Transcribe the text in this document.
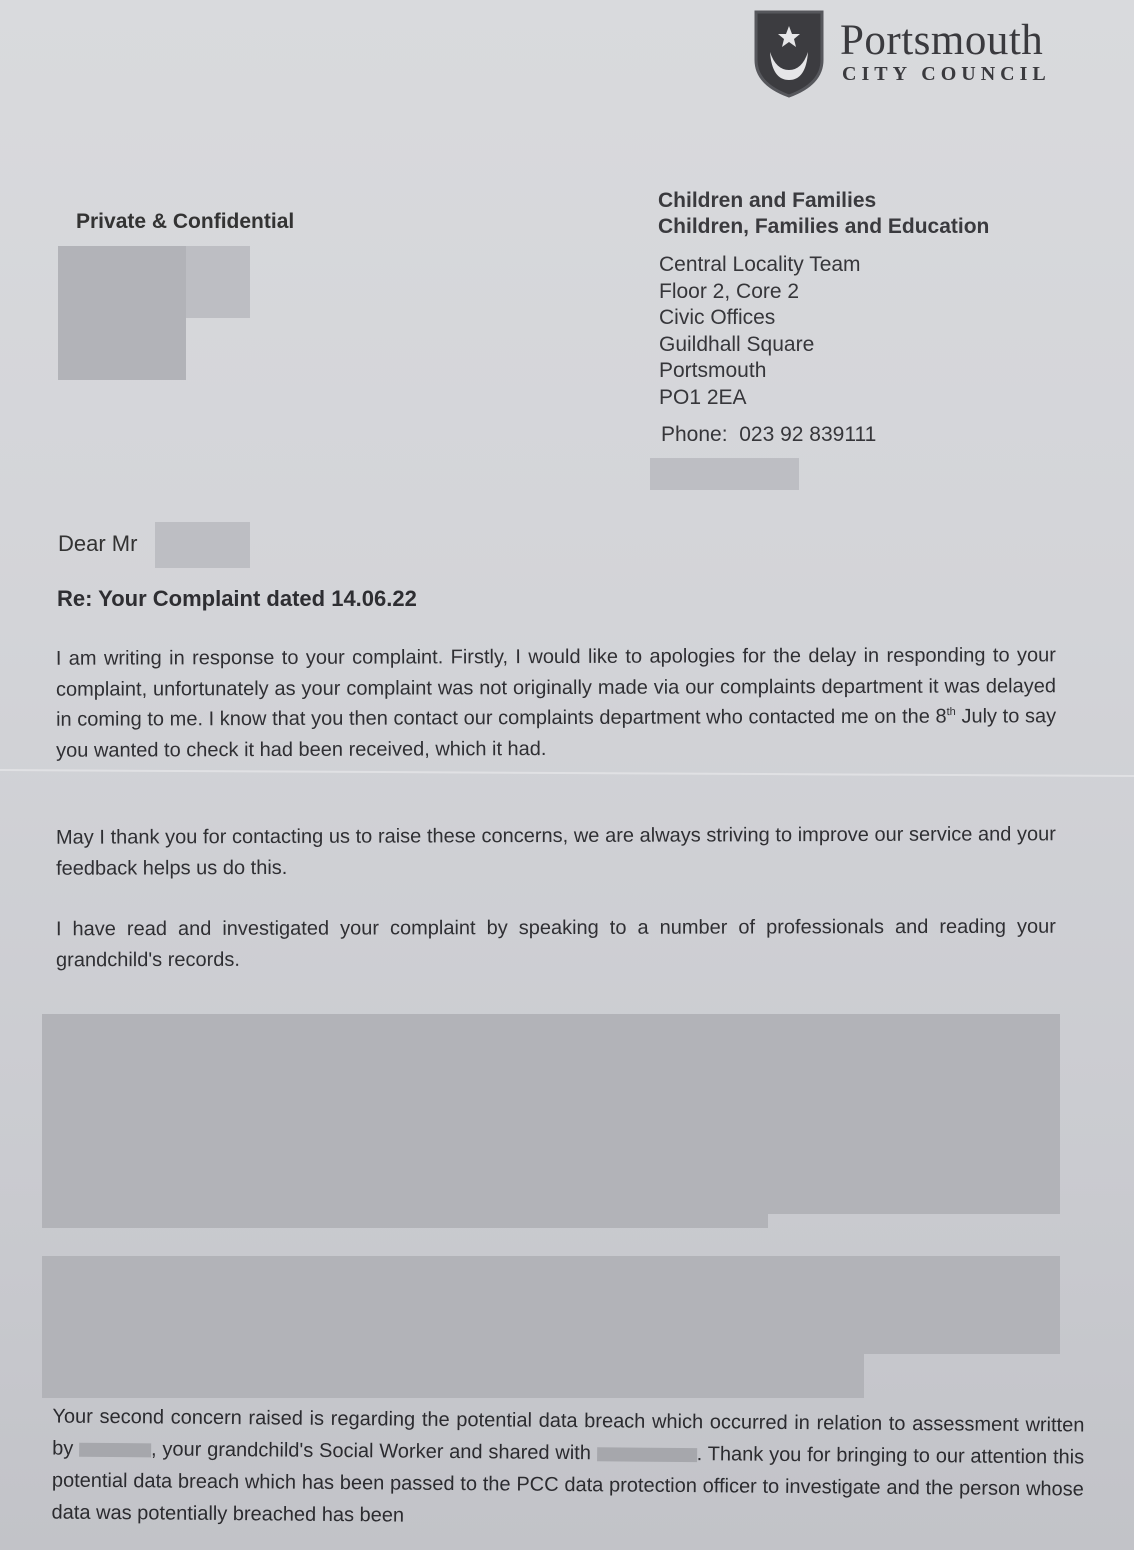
Portsmouth
CITY COUNCIL
Private & Confidential
Children and Families
Children, Families and Education
Central Locality Team
Floor 2, Core 2
Civic Offices
Guildhall Square
Portsmouth
PO1 2EA
Phone: 023 92 839111
Dear Mr
Re: Your Complaint dated 14.06.22
I am writing in response to your complaint. Firstly, I would like to apologies for the delay in responding to your complaint, unfortunately as your complaint was not originally made via our complaints department it was delayed in coming to me. I know that you then contact our complaints department who contacted me on the 8th July to say you wanted to check it had been received, which it had.
May I thank you for contacting us to raise these concerns, we are always striving to improve our service and your feedback helps us do this.
I have read and investigated your complaint by speaking to a number of professionals and reading your grandchild's records.
Your second concern raised is regarding the potential data breach which occurred in relation to assessment written by	, your grandchild's Social Worker and shared with	. Thank you for bringing to our attention this potential data breach which has been passed to the PCC data protection officer to investigate and the person whose data was potentially breached has been
